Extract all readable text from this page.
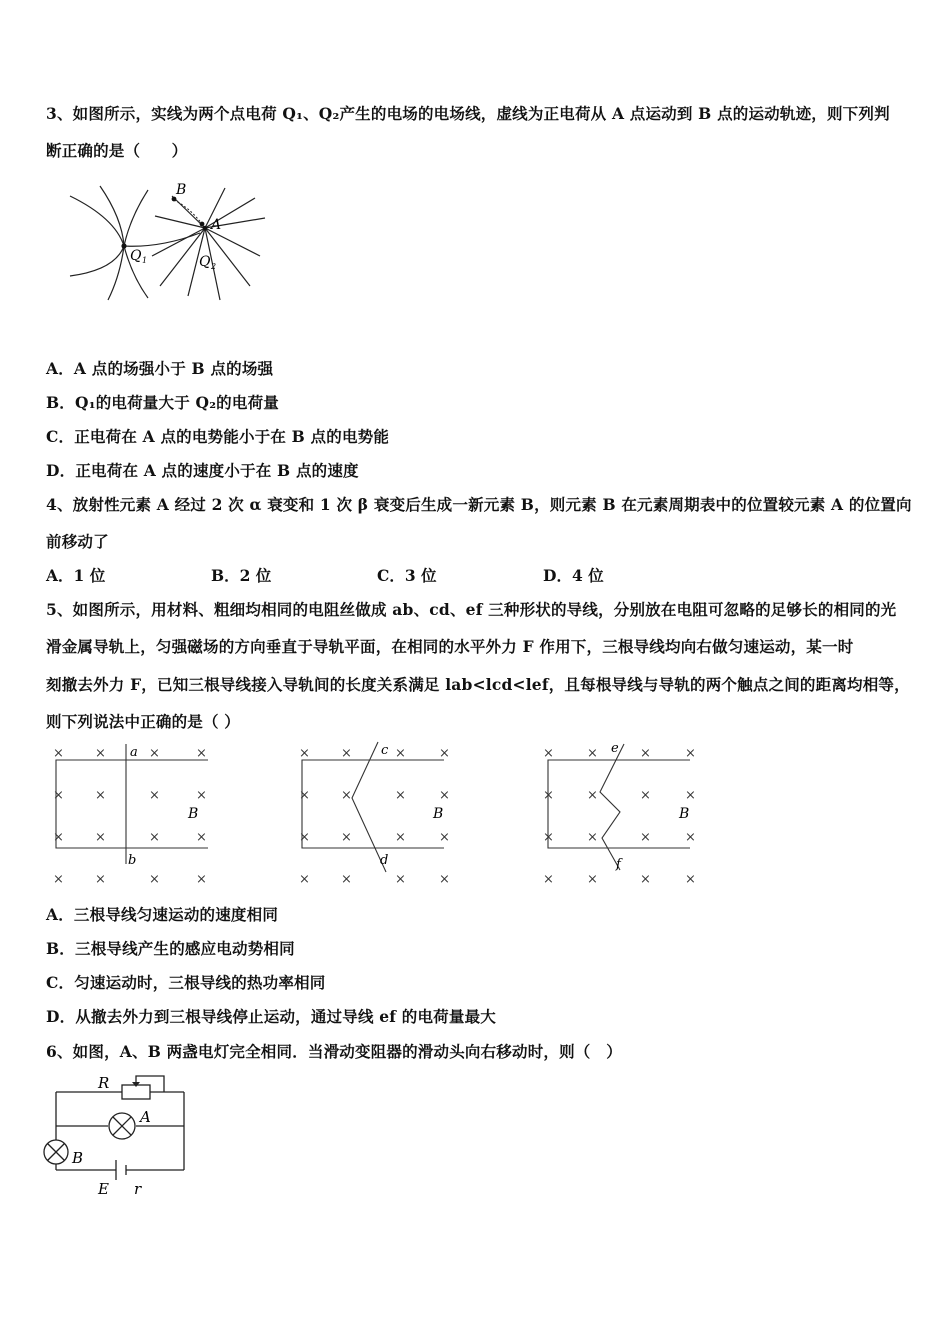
3、如图所示，实线为两个点电荷 Q₁、Q₂产生的电场的电场线，虚线为正电荷从 A 点运动到 B 点的运动轨迹，则下列判
断正确的是（　　）
B
A
Q 1	Q 2
A．A 点的场强小于 B 点的场强
B．Q₁的电荷量大于 Q₂的电荷量
C．正电荷在 A 点的电势能小于在 B 点的电势能
D．正电荷在 A 点的速度小于在 B 点的速度
4、放射性元素 A 经过 2 次 α 衰变和 1 次 β 衰变后生成一新元素 B，则元素 B 在元素周期表中的位置较元素 A 的位置向
前移动了
A．1 位	B．2 位	C．3 位	D．4 位
5、如图所示，用材料、粗细均相同的电阻丝做成 ab、cd、ef 三种形状的导线，分别放在电阻可忽略的足够长的相同的光
滑金属导轨上，匀强磁场的方向垂直于导轨平面，在相同的水平外力 F 作用下，三根导线均向右做匀速运动，某一时
刻撤去外力 F，已知三根导线接入导轨间的长度关系满足 lab<lcd<lef，且每根导线与导轨的两个触点之间的距离均相等，
则下列说法中正确的是（ ）
× ×	×	×
× ×	×	×
× ×	×	×
× ×	×	×
a
b
B
× ×	×	×
× ×	×	×
× ×	×	×
× ×	×	×
c
d
B
×	×	×	×
×	×	×	×
×	×	×	×
×	×	×	×
e
f
B
A．三根导线匀速运动的速度相同
B．三根导线产生的感应电动势相同
C．匀速运动时，三根导线的热功率相同
D．从撤去外力到三根导线停止运动，通过导线 ef 的电荷量最大
6、如图，A、B 两盏电灯完全相同．当滑动变阻器的滑动头向右移动时，则（　）
R
A
B
E r
